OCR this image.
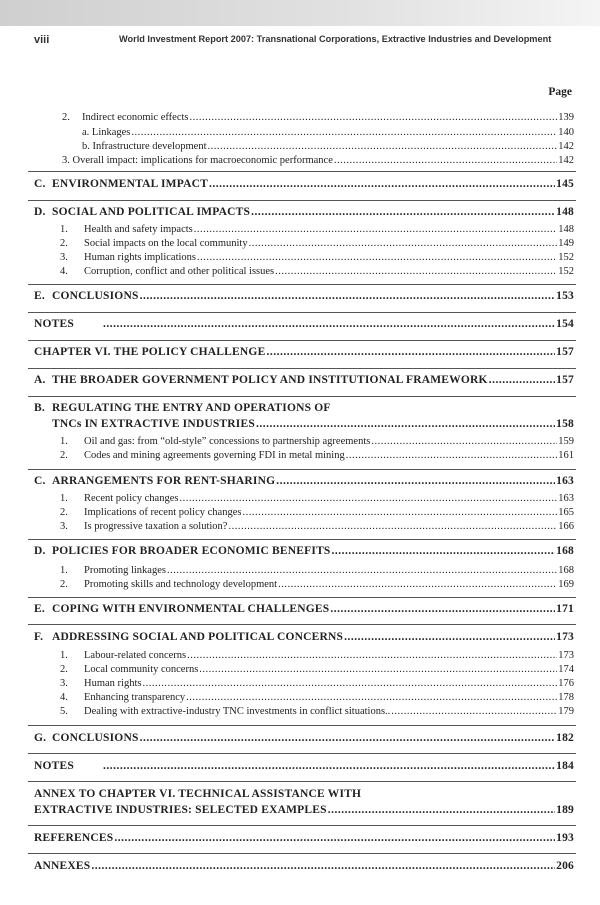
viii	World Investment Report 2007: Transnational Corporations, Extractive Industries and Development
Page
2. Indirect economic effects .....	139
a. Linkages .....	140
b. Infrastructure development .....	142
3. Overall impact: implications for macroeconomic performance .....	142
C. ENVIRONMENTAL IMPACT .....	145
D. SOCIAL AND POLITICAL IMPACTS .....	148
1. Health and safety impacts .....	148
2. Social impacts on the local community .....	149
3. Human rights implications .....	152
4. Corruption, conflict and other political issues .....	152
E. CONCLUSIONS .....	153
NOTES .....	154
CHAPTER VI. THE POLICY CHALLENGE .....	157
A. THE BROADER GOVERNMENT POLICY AND INSTITUTIONAL FRAMEWORK .....	157
B. REGULATING THE ENTRY AND OPERATIONS OF
TNCs IN EXTRACTIVE INDUSTRIES .....	158
1. Oil and gas: from “old-style” concessions to partnership agreements .....	159
2. Codes and mining agreements governing FDI in metal mining .....	161
C. ARRANGEMENTS FOR RENT-SHARING .....	163
1. Recent policy changes .....	163
2. Implications of recent policy changes .....	165
3. Is progressive taxation a solution? .....	166
D. POLICIES FOR BROADER ECONOMIC BENEFITS .....	168
1. Promoting linkages .....	168
2. Promoting skills and technology development .....	169
E. COPING WITH ENVIRONMENTAL CHALLENGES .....	171
F. ADDRESSING SOCIAL AND POLITICAL CONCERNS .....	173
1. Labour-related concerns .....	173
2. Local community concerns .....	174
3. Human rights .....	176
4. Enhancing transparency .....	178
5. Dealing with extractive-industry TNC investments in conflict situations.. .....	179
G. CONCLUSIONS .....	182
NOTES .....	184
ANNEX TO CHAPTER VI. TECHNICAL ASSISTANCE WITH
EXTRACTIVE INDUSTRIES: SELECTED EXAMPLES .....	189
REFERENCES .....	193
ANNEXES .....	206
